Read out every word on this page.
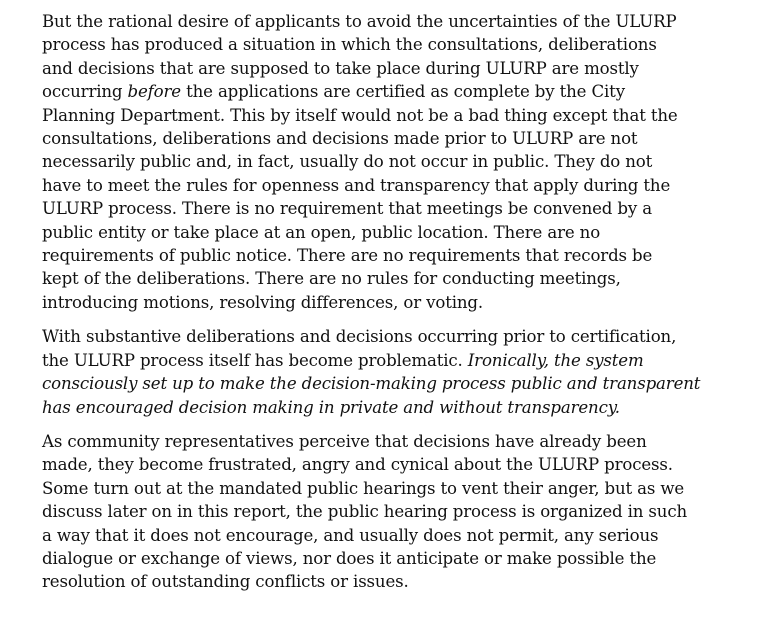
But the rational desire of applicants to avoid the uncertainties of the ULURP
process has produced a situation in which the consultations, deliberations
and decisions that are supposed to take place during ULURP are mostly
occurring before the applications are certified as complete by the City
Planning Department. This by itself would not be a bad thing except that the
consultations, deliberations and decisions made prior to ULURP are not
necessarily public and, in fact, usually do not occur in public. They do not
have to meet the rules for openness and transparency that apply during the
ULURP process. There is no requirement that meetings be convened by a
public entity or take place at an open, public location. There are no
requirements of public notice. There are no requirements that records be
kept of the deliberations. There are no rules for conducting meetings,
introducing motions, resolving differences, or voting.

With substantive deliberations and decisions occurring prior to certification,
the ULURP process itself has become problematic. Ironically, the system
consciously set up to make the decision-making process public and transparent
has encouraged decision making in private and without transparency.

As community representatives perceive that decisions have already been
made, they become frustrated, angry and cynical about the ULURP process.
Some turn out at the mandated public hearings to vent their anger, but as we
discuss later on in this report, the public hearing process is organized in such
a way that it does not encourage, and usually does not permit, any serious
dialogue or exchange of views, nor does it anticipate or make possible the
resolution of outstanding conflicts or issues.
